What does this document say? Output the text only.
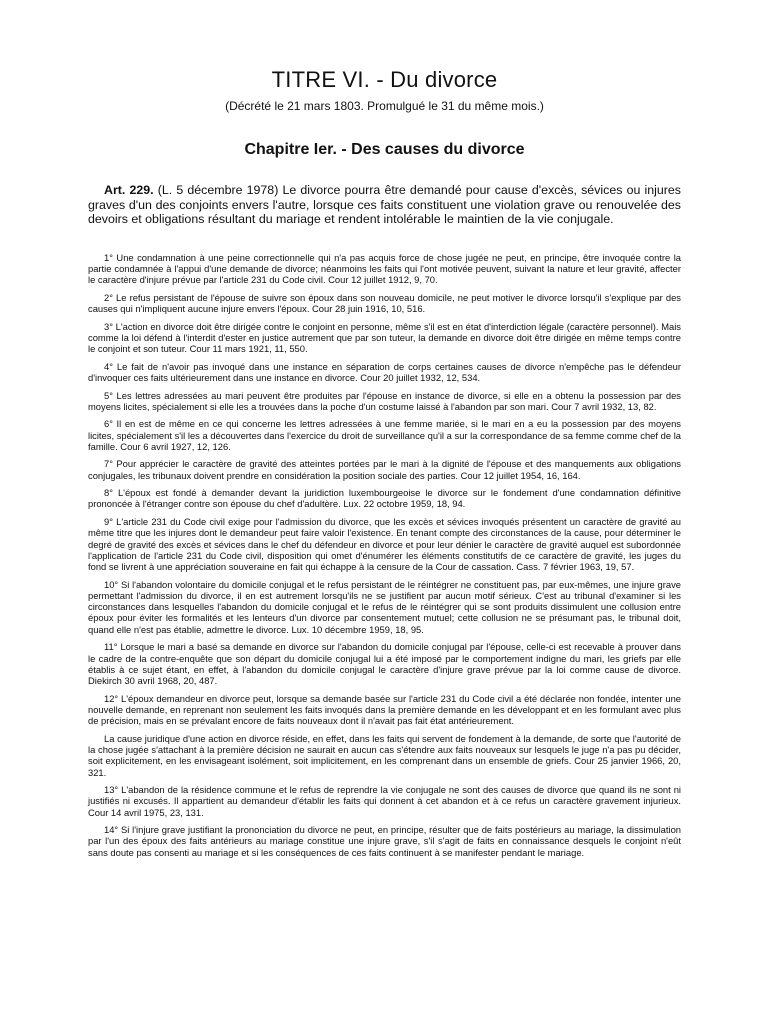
TITRE VI. - Du divorce

(Décrété le 21 mars 1803. Promulgué le 31 du même mois.)

Chapitre Ier. - Des causes du divorce

Art. 229. (L. 5 décembre 1978) Le divorce pourra être demandé pour cause d'excès, sévices ou injures graves d'un des conjoints envers l'autre, lorsque ces faits constituent une violation grave ou renouvelée des devoirs et obligations résultant du mariage et rendent intolérable le maintien de la vie conjugale.

1° Une condamnation à une peine correctionnelle qui n'a pas acquis force de chose jugée ne peut, en principe, être invoquée contre la partie condamnée à l'appui d'une demande de divorce; néanmoins les faits qui l'ont motivée peuvent, suivant la nature et leur gravité, affecter le caractère d'injure prévue par l'article 231 du Code civil. Cour 12 juillet 1912, 9, 70.

2° Le refus persistant de l'épouse de suivre son époux dans son nouveau domicile, ne peut motiver le divorce lorsqu'il s'explique par des causes qui n'impliquent aucune injure envers l'époux. Cour 28 juin 1916, 10, 516.

3° L'action en divorce doit être dirigée contre le conjoint en personne, même s'il est en état d'interdiction légale (caractère personnel). Mais comme la loi défend à l'interdit d'ester en justice autrement que par son tuteur, la demande en divorce doit être dirigée en même temps contre le conjoint et son tuteur. Cour 11 mars 1921, 11, 550.

4° Le fait de n'avoir pas invoqué dans une instance en séparation de corps certaines causes de divorce n'empêche pas le défendeur d'invoquer ces faits ultérieurement dans une instance en divorce. Cour 20 juillet 1932, 12, 534.

5° Les lettres adressées au mari peuvent être produites par l'épouse en instance de divorce, si elle en a obtenu la possession par des moyens licites, spécialement si elle les a trouvées dans la poche d'un costume laissé à l'abandon par son mari. Cour 7 avril 1932, 13, 82.

6° Il en est de même en ce qui concerne les lettres adressées à une femme mariée, si le mari en a eu la possession par des moyens licites, spécialement s'il les a découvertes dans l'exercice du droit de surveillance qu'il a sur la correspondance de sa femme comme chef de la famille. Cour 6 avril 1927, 12, 126.

7° Pour apprécier le caractère de gravité des atteintes portées par le mari à la dignité de l'épouse et des manquements aux obligations conjugales, les tribunaux doivent prendre en considération la position sociale des parties. Cour 12 juillet 1954, 16, 164.

8° L'époux est fondé à demander devant la juridiction luxembourgeoise le divorce sur le fondement d'une condamnation définitive prononcée à l'étranger contre son épouse du chef d'adultère. Lux. 22 octobre 1959, 18, 94.

9° L'article 231 du Code civil exige pour l'admission du divorce, que les excès et sévices invoqués présentent un caractère de gravité au même titre que les injures dont le demandeur peut faire valoir l'existence. En tenant compte des circonstances de la cause, pour déterminer le degré de gravité des excès et sévices dans le chef du défendeur en divorce et pour leur dénier le caractère de gravité auquel est subordonnée l'application de l'article 231 du Code civil, disposition qui omet d'énumérer les éléments constitutifs de ce caractère de gravité, les juges du fond se livrent à une appréciation souveraine en fait qui échappe à la censure de la Cour de cassation. Cass. 7 février 1963, 19, 57.

10° Si l'abandon volontaire du domicile conjugal et le refus persistant de le réintégrer ne constituent pas, par eux-mêmes, une injure grave permettant l'admission du divorce, il en est autrement lorsqu'ils ne se justifient par aucun motif sérieux. C'est au tribunal d'examiner si les circonstances dans lesquelles l'abandon du domicile conjugal et le refus de le réintégrer qui se sont produits dissimulent une collusion entre époux pour éviter les formalités et les lenteurs d'un divorce par consentement mutuel; cette collusion ne se présumant pas, le tribunal doit, quand elle n'est pas établie, admettre le divorce. Lux. 10 décembre 1959, 18, 95.

11° Lorsque le mari a basé sa demande en divorce sur l'abandon du domicile conjugal par l'épouse, celle-ci est recevable à prouver dans le cadre de la contre-enquête que son départ du domicile conjugal lui a été imposé par le comportement indigne du mari, les griefs par elle établis à ce sujet étant, en effet, à l'abandon du domicile conjugal le caractère d'injure grave prévue par la loi comme cause de divorce. Diekirch 30 avril 1968, 20, 487.

12° L'époux demandeur en divorce peut, lorsque sa demande basée sur l'article 231 du Code civil a été déclarée non fondée, intenter une nouvelle demande, en reprenant non seulement les faits invoqués dans la première demande en les développant et en les formulant avec plus de précision, mais en se prévalant encore de faits nouveaux dont il n'avait pas fait état antérieurement.

La cause juridique d'une action en divorce réside, en effet, dans les faits qui servent de fondement à la demande, de sorte que l'autorité de la chose jugée s'attachant à la première décision ne saurait en aucun cas s'étendre aux faits nouveaux sur lesquels le juge n'a pas pu décider, soit explicitement, en les envisageant isolément, soit implicitement, en les comprenant dans un ensemble de griefs. Cour 25 janvier 1966, 20, 321.

13° L'abandon de la résidence commune et le refus de reprendre la vie conjugale ne sont des causes de divorce que quand ils ne sont ni justifiés ni excusés. Il appartient au demandeur d'établir les faits qui donnent à cet abandon et à ce refus un caractère gravement injurieux. Cour 14 avril 1975, 23, 131.

14° Si l'injure grave justifiant la prononciation du divorce ne peut, en principe, résulter que de faits postérieurs au mariage, la dissimulation par l'un des époux des faits antérieurs au mariage constitue une injure grave, s'il s'agit de faits en connaissance desquels le conjoint n'eût sans doute pas consenti au mariage et si les conséquences de ces faits continuent à se manifester pendant le mariage.
